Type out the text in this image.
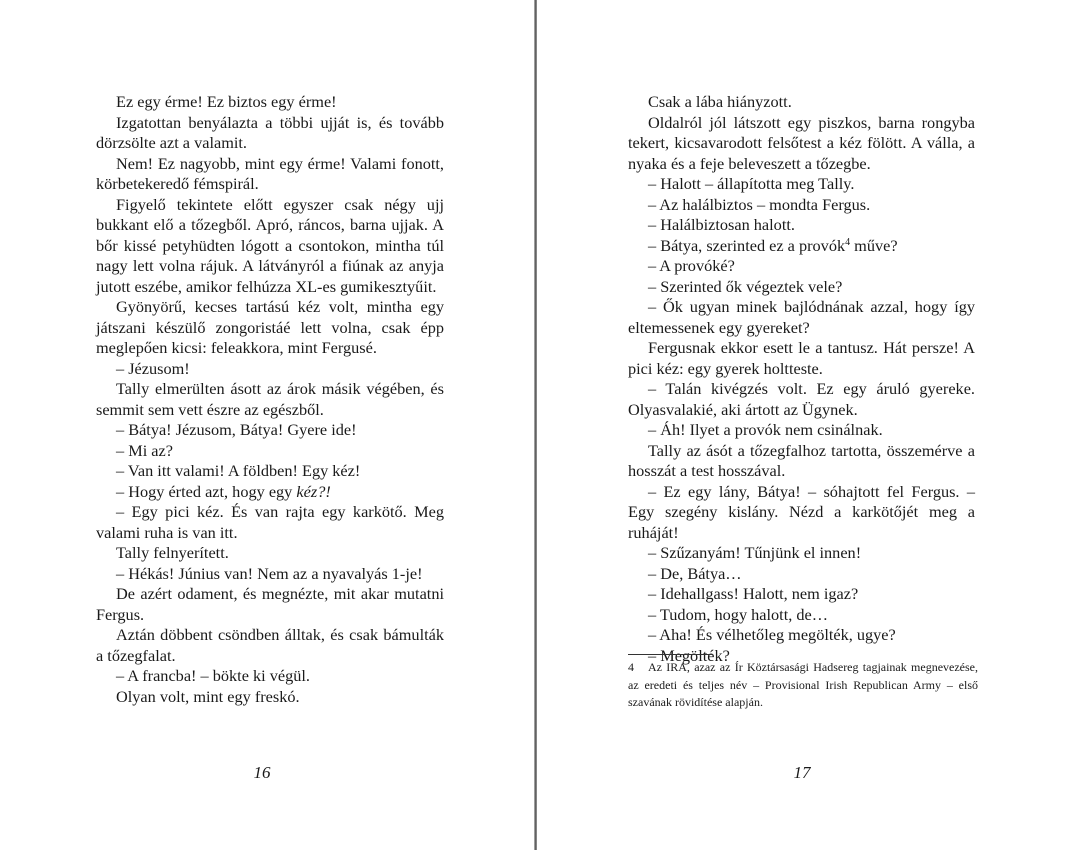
Ez egy érme! Ez biztos egy érme!

Izgatottan benyálazta a többi ujját is, és tovább dörzsölte azt a valamit.

Nem! Ez nagyobb, mint egy érme! Valami fonott, körbetekeredő fémspirál.

Figyelő tekintete előtt egyszer csak négy ujj bukkant elő a tőzegből. Apró, ráncos, barna ujjak. A bőr kissé petyhüdten lógott a csontokon, mintha túl nagy lett volna rájuk. A látványról a fiúnak az anyja jutott eszébe, amikor felhúzza XL-es gumikesztyűit.

Gyönyörű, kecses tartású kéz volt, mintha egy játszani készülő zongoristáé lett volna, csak épp meglepően kicsi: feleakkora, mint Fergusé.

– Jézusom!

Tally elmerülten ásott az árok másik végében, és semmit sem vett észre az egészből.

– Bátya! Jézusom, Bátya! Gyere ide!

– Mi az?

– Van itt valami! A földben! Egy kéz!

– Hogy érted azt, hogy egy kéz?!

– Egy pici kéz. És van rajta egy karkötő. Meg valami ruha is van itt.

Tally felnyerített.

– Hékás! Június van! Nem az a nyavalyás 1-je!

De azért odament, és megnézte, mit akar mutatni Fergus.

Aztán döbbent csöndben álltak, és csak bámulták a tőzegfalat.

– A francba! – bökte ki végül.

Olyan volt, mint egy freskó.

16

Csak a lába hiányzott.

Oldalról jól látszott egy piszkos, barna rongyba tekert, kicsavarodott felsőtest a kéz fölött. A válla, a nyaka és a feje beleveszett a tőzegbe.

– Halott – állapította meg Tally.

– Az halálbiztos – mondta Fergus.

– Halálbiztosan halott.

– Bátya, szerinted ez a provók$^4$ műve?

– A provóké?

– Szerinted ők végeztek vele?

– Ők ugyan minek bajlódnának azzal, hogy így eltemessenek egy gyereket?

Fergusnak ekkor esett le a tantusz. Hát persze! A pici kéz: egy gyerek holtteste.

– Talán kivégzés volt. Ez egy áruló gyereke. Olyasvalakié, aki ártott az Ügynek.

– Áh! Ilyet a provók nem csinálnak.

Tally az ásót a tőzegfalhoz tartotta, összemérve a hosszát a test hosszával.

– Ez egy lány, Bátya! – sóhajtott fel Fergus. – Egy szegény kislány. Nézd a karkötőjét meg a ruháját!

– Szűzanyám! Tűnjünk el innen!

– De, Bátya…

– Idehallgass! Halott, nem igaz?

– Tudom, hogy halott, de…

– Aha! És vélhetőleg megölték, ugye?

– Megölték?

4 Az IRA, azaz az Ír Köztársasági Hadsereg tagjainak megnevezése, az eredeti és teljes név – Provisional Irish Republican Army – első szavának rövidítése alapján.
17
